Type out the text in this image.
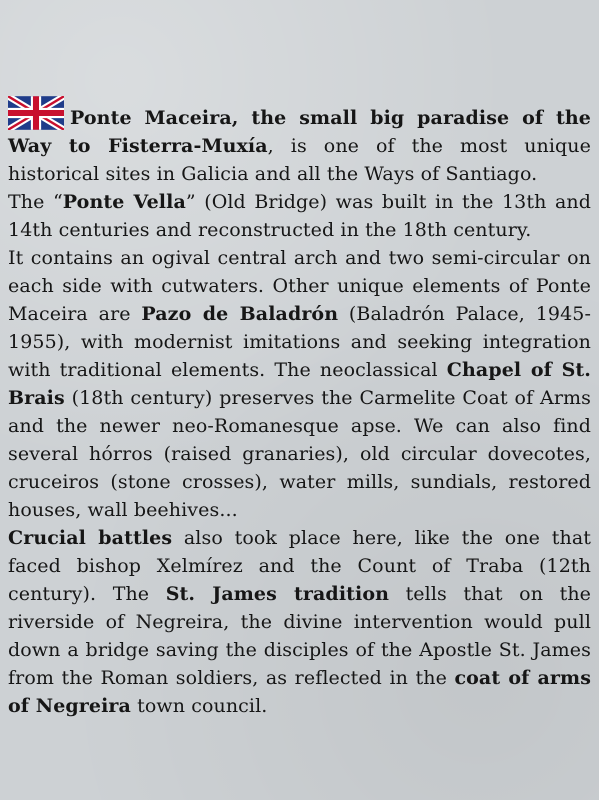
Ponte Maceira, the small big paradise of the Way to Fisterra-Muxía, is one of the most unique historical sites in Galicia and all the Ways of Santiago.

The “Ponte Vella” (Old Bridge) was built in the 13th and 14th centuries and reconstructed in the 18th century.

It contains an ogival central arch and two semi-circular on each side with cutwaters. Other unique elements of Ponte Maceira are Pazo de Baladrón (Baladrón Palace, 1945-1955), with modernist imitations and seeking integration with traditional elements. The neoclassical Chapel of St. Brais (18th century) preserves the Carmelite Coat of Arms and the newer neo-Romanesque apse. We can also find several hórros (raised granaries), old circular dovecotes, cruceiros (stone crosses), water mills, sundials, restored houses, wall beehives...

Crucial battles also took place here, like the one that faced bishop Xelmírez and the Count of Traba (12th century). The St. James tradition tells that on the riverside of Negreira, the divine intervention would pull down a bridge saving the disciples of the Apostle St. James from the Roman soldiers, as reflected in the coat of arms of Negreira town council.
